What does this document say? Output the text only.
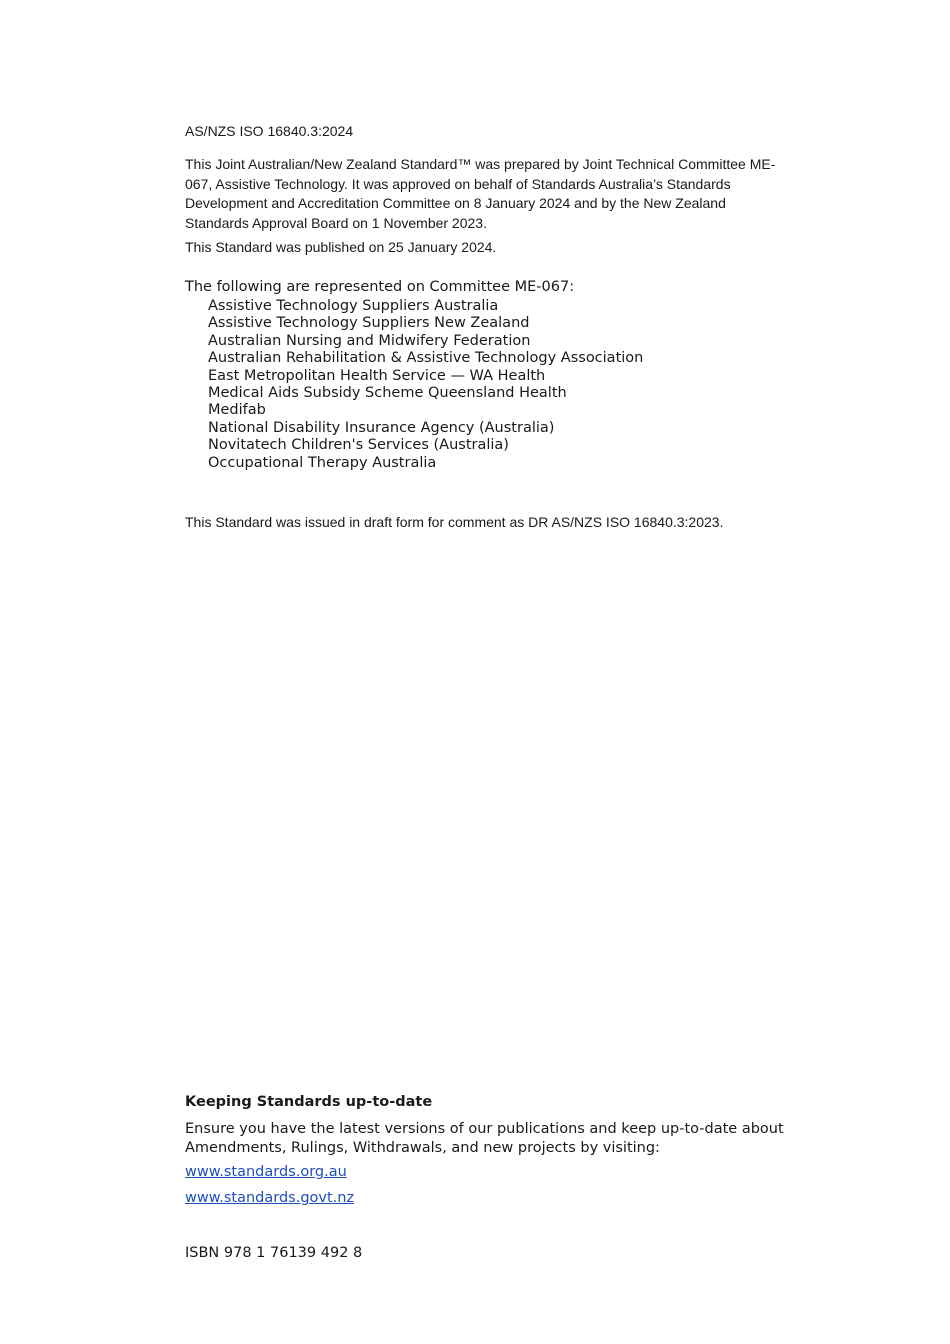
AS/NZS ISO 16840.3:2024
This Joint Australian/New Zealand Standard™ was prepared by Joint Technical Committee ME-067, Assistive Technology. It was approved on behalf of Standards Australia’s Standards Development and Accreditation Committee on 8 January 2024 and by the New Zealand Standards Approval Board on 1 November 2023.
This Standard was published on 25 January 2024.
The following are represented on Committee ME-067:
Assistive Technology Suppliers Australia
Assistive Technology Suppliers New Zealand
Australian Nursing and Midwifery Federation
Australian Rehabilitation & Assistive Technology Association
East Metropolitan Health Service — WA Health
Medical Aids Subsidy Scheme Queensland Health
Medifab
National Disability Insurance Agency (Australia)
Novitatech Children's Services (Australia)
Occupational Therapy Australia
This Standard was issued in draft form for comment as DR AS/NZS ISO 16840.3:2023.
Keeping Standards up-to-date
Ensure you have the latest versions of our publications and keep up-to-date about Amendments, Rulings, Withdrawals, and new projects by visiting:
www.standards.org.au
www.standards.govt.nz
ISBN 978 1 76139 492 8
